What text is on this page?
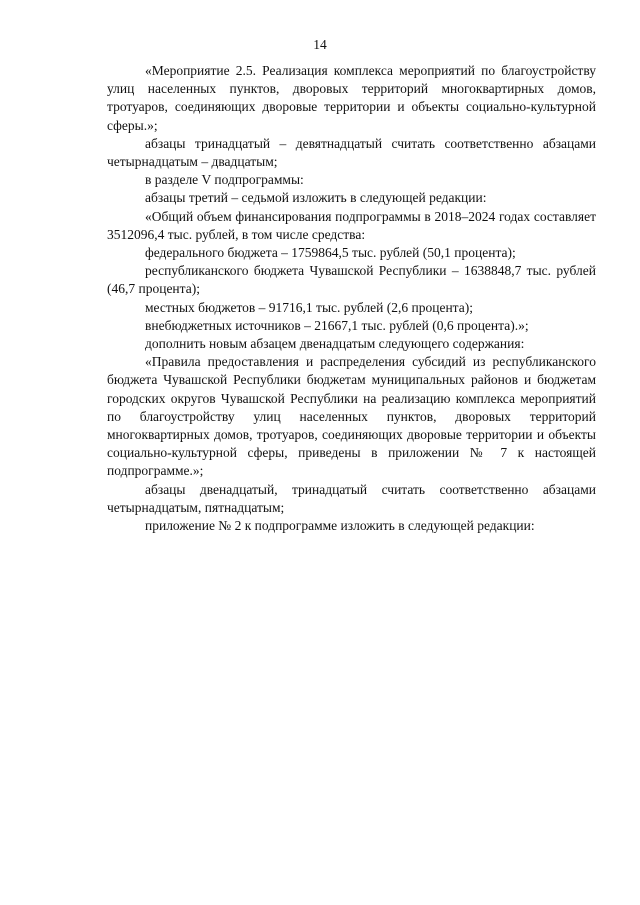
14

«Мероприятие 2.5. Реализация комплекса мероприятий по благоустройству улиц населенных пунктов, дворовых территорий многоквартирных домов, тротуаров, соединяющих дворовые территории и объекты социально-культурной сферы.»;

абзацы тринадцатый – девятнадцатый считать соответственно абзацами четырнадцатым – двадцатым;

в разделе V подпрограммы:

абзацы третий – седьмой изложить в следующей редакции:

«Общий объем финансирования подпрограммы в 2018–2024 годах составляет 3512096,4 тыс. рублей, в том числе средства:

федерального бюджета – 1759864,5 тыс. рублей (50,1 процента);

республиканского бюджета Чувашской Республики – 1638848,7 тыс. рублей (46,7 процента);

местных бюджетов – 91716,1 тыс. рублей (2,6 процента);

внебюджетных источников – 21667,1 тыс. рублей (0,6 процента).»;

дополнить новым абзацем двенадцатым следующего содержания:

«Правила предоставления и распределения субсидий из республиканского бюджета Чувашской Республики бюджетам муниципальных районов и бюджетам городских округов Чувашской Республики на реализацию комплекса мероприятий по благоустройству улиц населенных пунктов, дворовых территорий многоквартирных домов, тротуаров, соединяющих дворовые территории и объекты социально-культурной сферы, приведены в приложении № 7 к настоящей подпрограмме.»;

абзацы двенадцатый, тринадцатый считать соответственно абзацами четырнадцатым, пятнадцатым;

приложение № 2 к подпрограмме изложить в следующей редакции:
